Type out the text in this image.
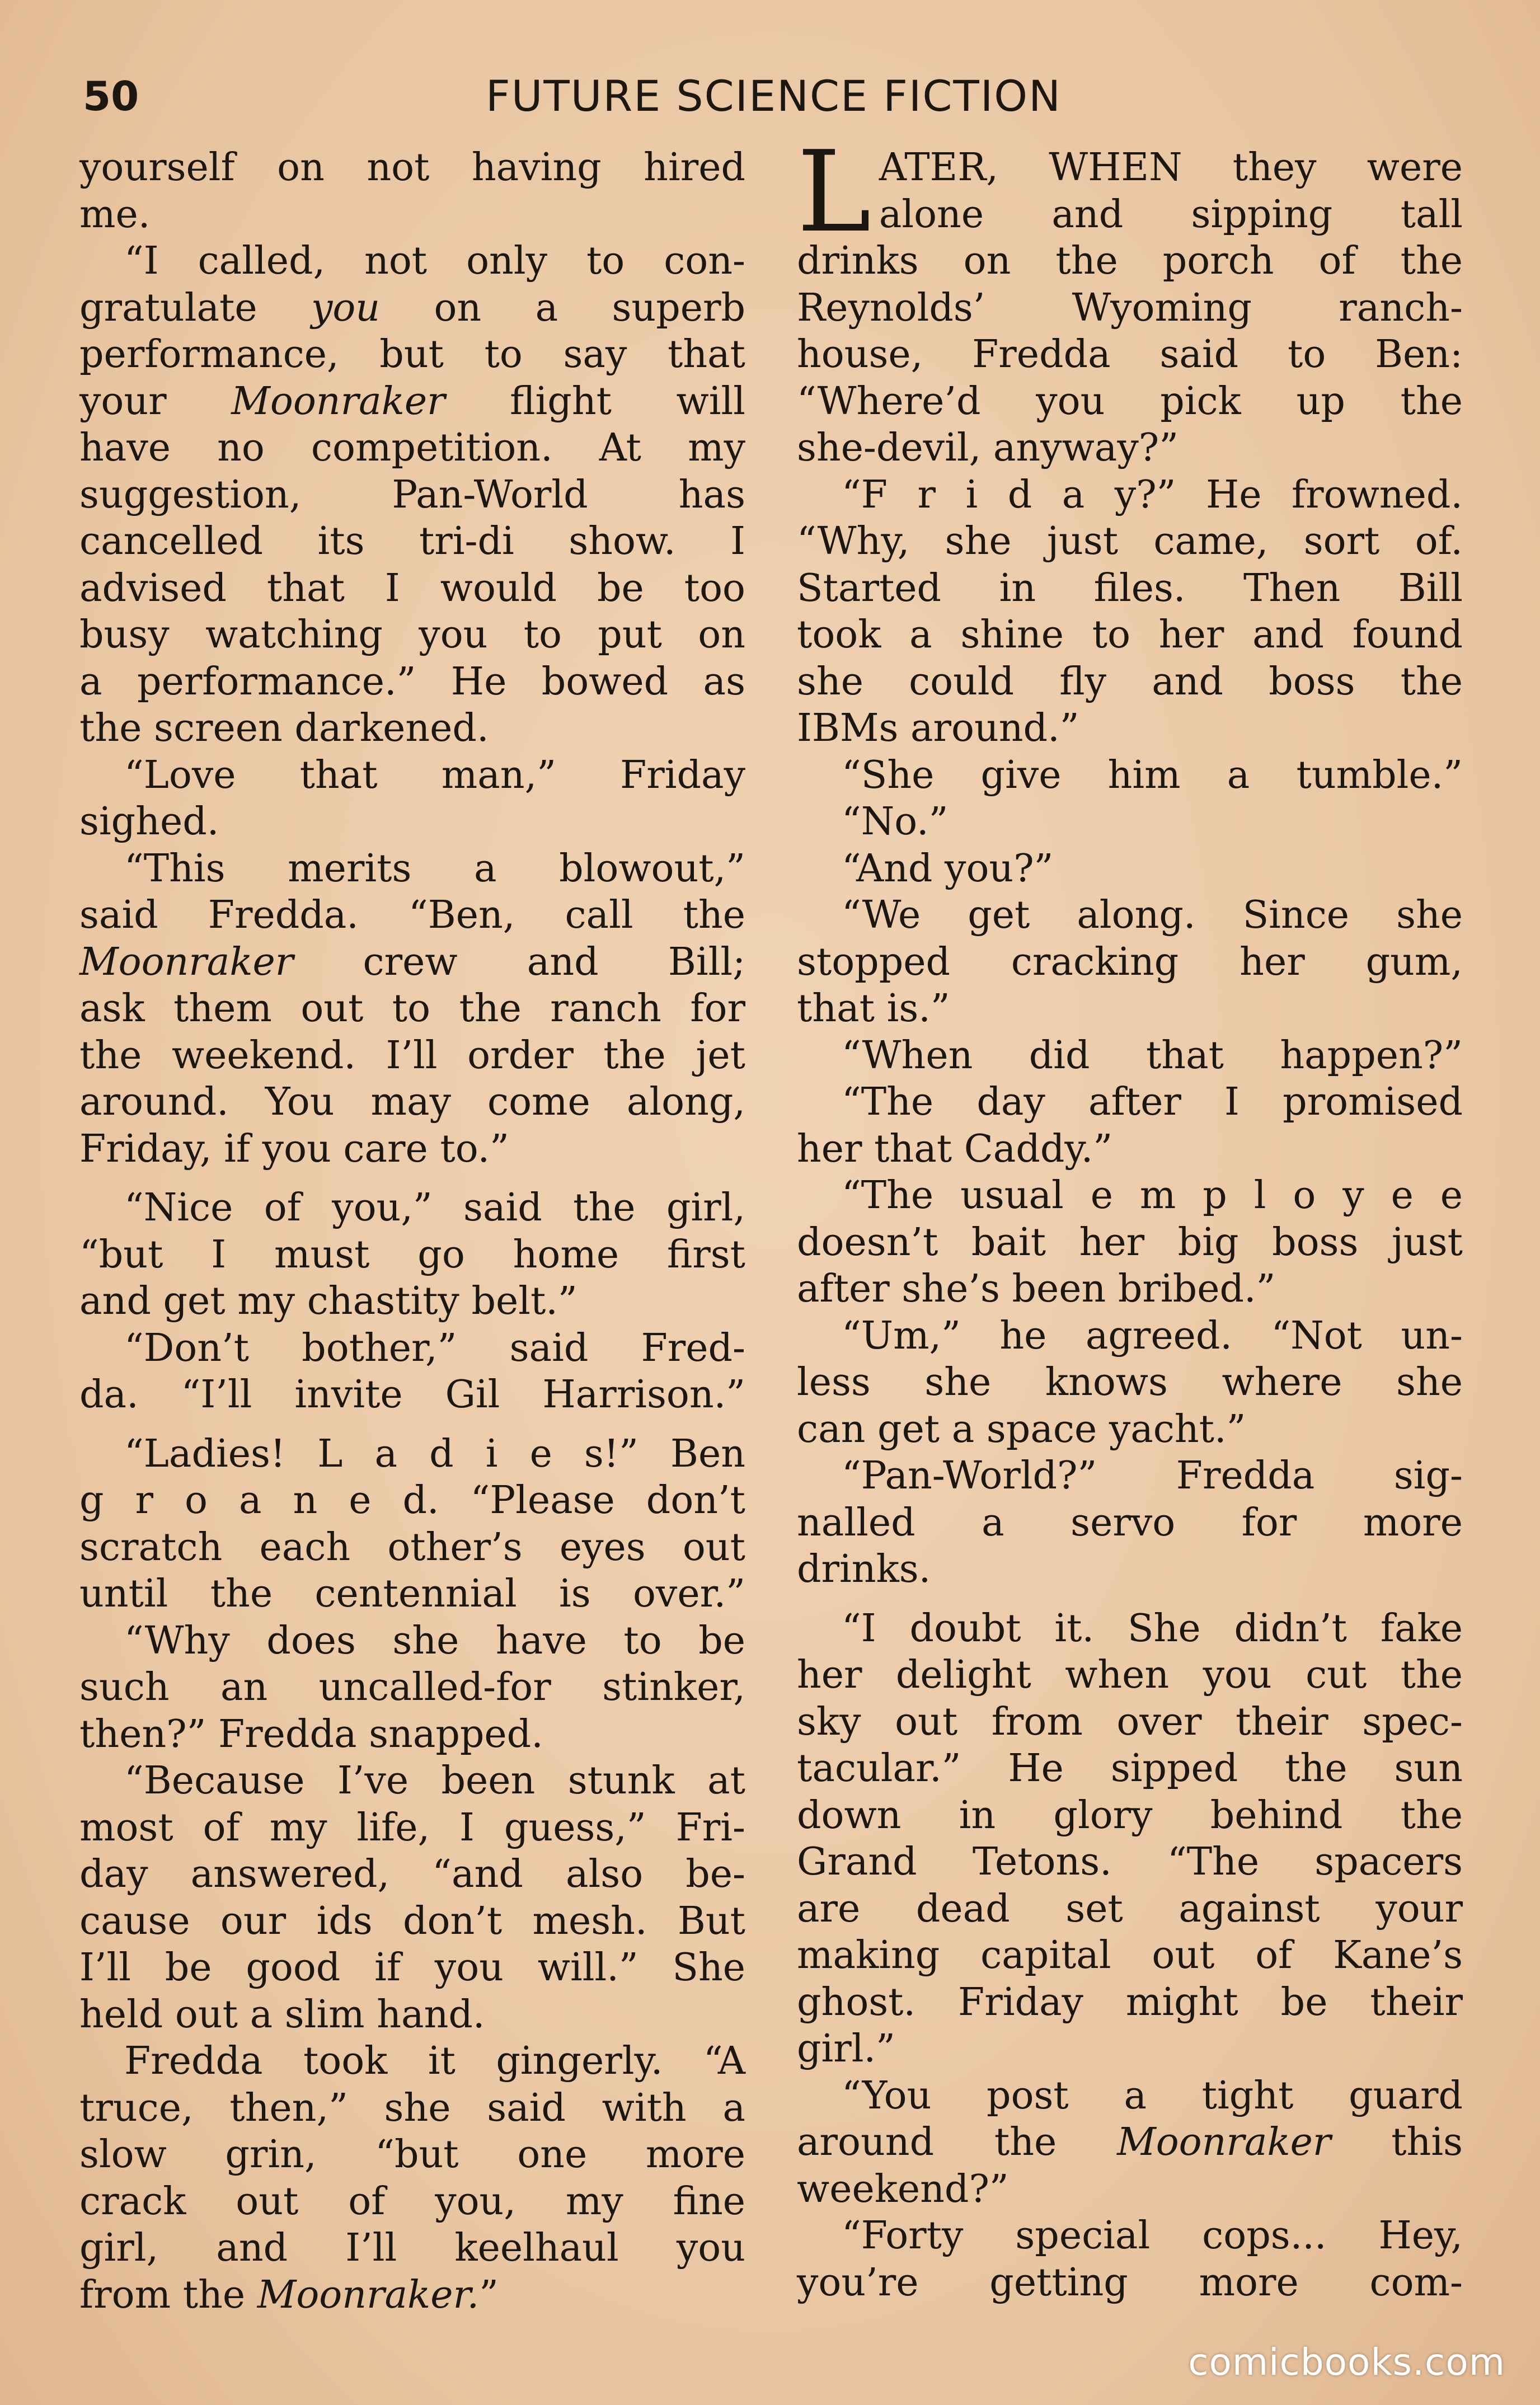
50	FUTURE SCIENCE FICTION
yourself on not having hired
me.
“I called, not only to con-
gratulate you on a superb
performance, but to say that
your Moonraker flight will
have no competition. At my
suggestion, Pan-World has
cancelled its tri-di show. I
advised that I would be too
busy watching you to put on
a performance.” He bowed as
the screen darkened.
“Love that man,” Friday
sighed.
“This merits a blowout,”
said Fredda. “Ben, call the
Moonraker crew and Bill;
ask them out to the ranch for
the weekend. I’ll order the jet
around. You may come along,
Friday, if you care to.”
“Nice of you,” said the girl,
“but I must go home first
and get my chastity belt.”
“Don’t bother,” said Fred-
da. “I’ll invite Gil Harrison.”
“Ladies! L a d i e s!” Ben
g r o a n e d. “Please don’t
scratch each other’s eyes out
until the centennial is over.”
“Why does she have to be
such an uncalled-for stinker,
then?” Fredda snapped.
“Because I’ve been stunk at
most of my life, I guess,” Fri-
day answered, “and also be-
cause our ids don’t mesh. But
I’ll be good if you will.” She
held out a slim hand.
Fredda took it gingerly. “A
truce, then,” she said with a
slow grin, “but one more
crack out of you, my fine
girl, and I’ll keelhaul you
from the Moonraker.”
LATER, WHEN they were
alone and sipping tall
drinks on the porch of the
Reynolds’ Wyoming ranch-
house, Fredda said to Ben:
“Where’d you pick up the
she-devil, anyway?”
“F r i d a y?” He frowned.
“Why, she just came, sort of.
Started in files. Then Bill
took a shine to her and found
she could fly and boss the
IBMs around.”
“She give him a tumble.”
“No.”
“And you?”
“We get along. Since she
stopped cracking her gum,
that is.”
“When did that happen?”
“The day after I promised
her that Caddy.”
“The usual e m p l o y e e
doesn’t bait her big boss just
after she’s been bribed.”
“Um,” he agreed. “Not un-
less she knows where she
can get a space yacht.”
“Pan-World?” Fredda sig-
nalled a servo for more
drinks.
“I doubt it. She didn’t fake
her delight when you cut the
sky out from over their spec-
tacular.” He sipped the sun
down in glory behind the
Grand Tetons. “The spacers
are dead set against your
making capital out of Kane’s
ghost. Friday might be their
girl.”
“You post a tight guard
around the Moonraker this
weekend?”
“Forty special cops... Hey,
you’re getting more com-
comicbooks.com
